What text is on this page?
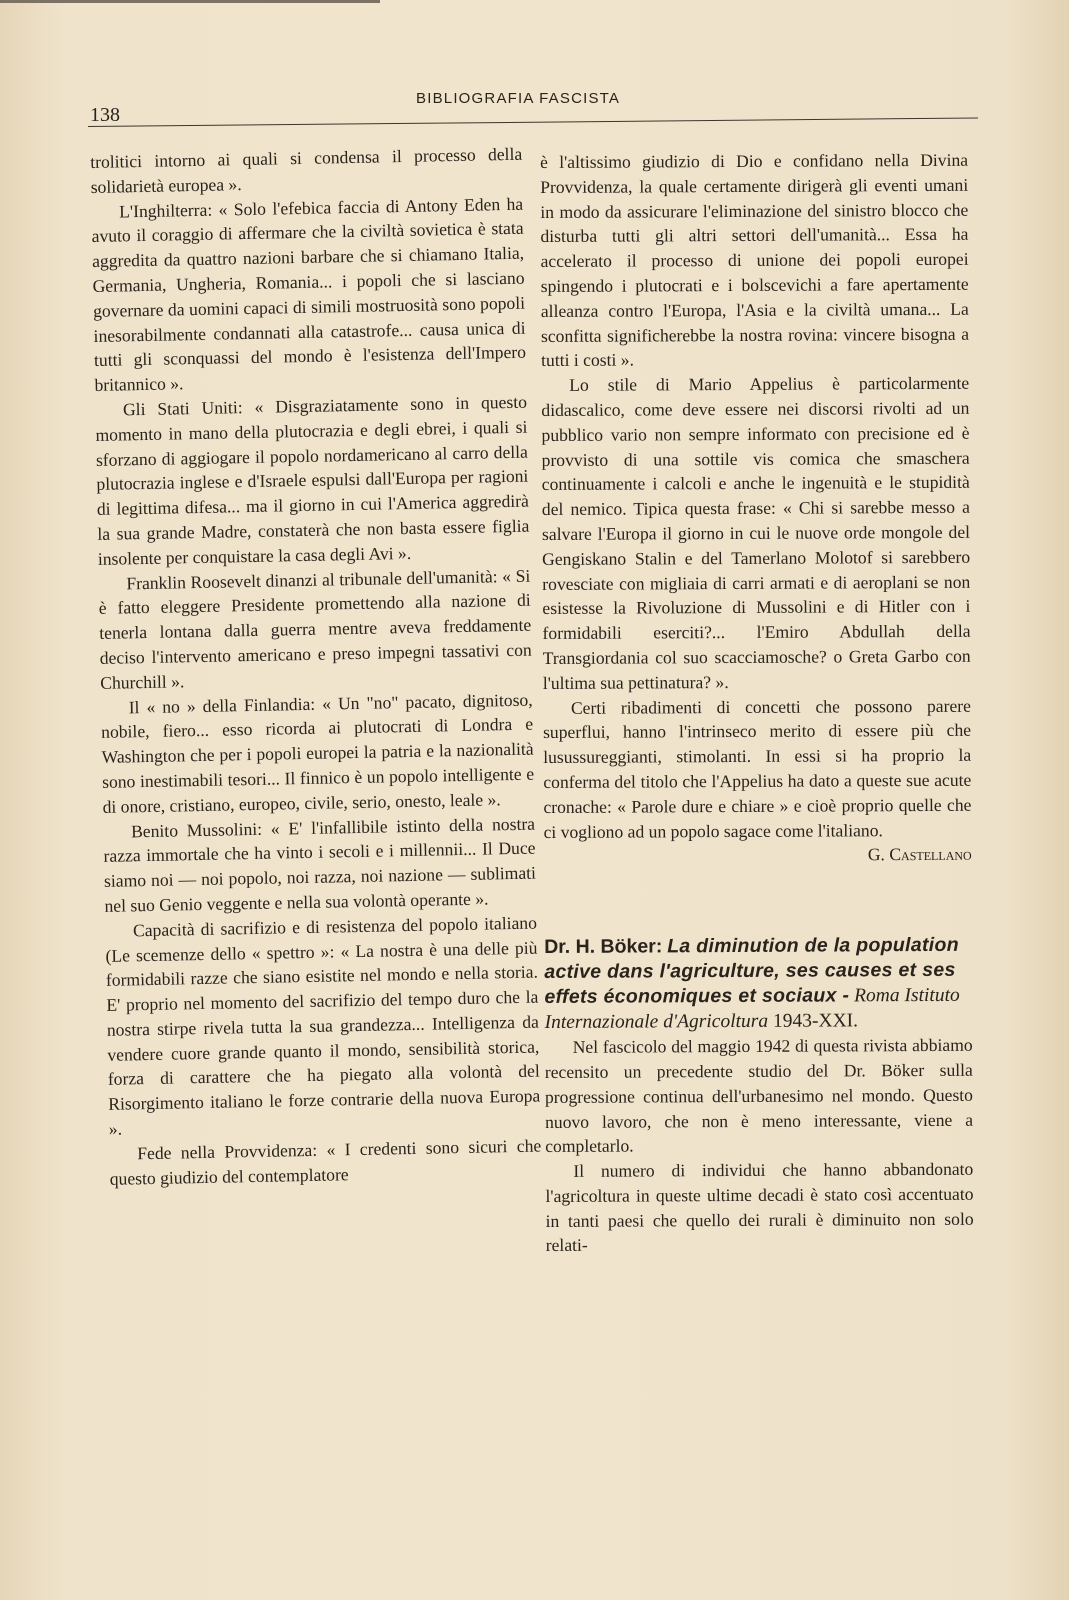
138
BIBLIOGRAFIA FASCISTA

trolitici intorno ai quali si condensa il processo della solidarietà europea ».

L'Inghilterra: « Solo l'efebica faccia di Antony Eden ha avuto il coraggio di affermare che la civiltà sovietica è stata aggredita da quattro nazioni barbare che si chiamano Italia, Germania, Ungheria, Romania... i popoli che si lasciano governare da uomini capaci di simili mostruosità sono popoli inesorabilmente condannati alla catastrofe... causa unica di tutti gli sconquassi del mondo è l'esistenza dell'Impero britannico ».

Gli Stati Uniti: « Disgraziatamente sono in questo momento in mano della plutocrazia e degli ebrei, i quali si sforzano di aggiogare il popolo nordamericano al carro della plutocrazia inglese e d'Israele espulsi dall'Europa per ragioni di legittima difesa... ma il giorno in cui l'America aggredirà la sua grande Madre, constaterà che non basta essere figlia insolente per conquistare la casa degli Avi ».

Franklin Roosevelt dinanzi al tribunale dell'umanità: « Si è fatto eleggere Presidente promettendo alla nazione di tenerla lontana dalla guerra mentre aveva freddamente deciso l'intervento americano e preso impegni tassativi con Churchill ».

Il « no » della Finlandia: « Un "no" pacato, dignitoso, nobile, fiero... esso ricorda ai plutocrati di Londra e Washington che per i popoli europei la patria e la nazionalità sono inestimabili tesori... Il finnico è un popolo intelligente e di onore, cristiano, europeo, civile, serio, onesto, leale ».

Benito Mussolini: « E' l'infallibile istinto della nostra razza immortale che ha vinto i secoli e i millennii... Il Duce siamo noi — noi popolo, noi razza, noi nazione — sublimati nel suo Genio veggente e nella sua volontà operante ».

Capacità di sacrifizio e di resistenza del popolo italiano (Le scemenze dello « spettro »: « La nostra è una delle più formidabili razze che siano esistite nel mondo e nella storia. E' proprio nel momento del sacrifizio del tempo duro che la nostra stirpe rivela tutta la sua grandezza... Intelligenza da vendere cuore grande quanto il mondo, sensibilità storica, forza di carattere che ha piegato alla volontà del Risorgimento italiano le forze contrarie della nuova Europa ».

Fede nella Provvidenza: « I credenti sono sicuri che questo giudizio del contemplatore

è l'altissimo giudizio di Dio e confidano nella Divina Provvidenza, la quale certamente dirigerà gli eventi umani in modo da assicurare l'eliminazione del sinistro blocco che disturba tutti gli altri settori dell'umanità... Essa ha accelerato il processo di unione dei popoli europei spingendo i plutocrati e i bolscevichi a fare apertamente alleanza contro l'Europa, l'Asia e la civiltà umana... La sconfitta significherebbe la nostra rovina: vincere bisogna a tutti i costi ».

Lo stile di Mario Appelius è particolarmente didascalico, come deve essere nei discorsi rivolti ad un pubblico vario non sempre informato con precisione ed è provvisto di una sottile vis comica che smaschera continuamente i calcoli e anche le ingenuità e le stupidità del nemico. Tipica questa frase: « Chi si sarebbe messo a salvare l'Europa il giorno in cui le nuove orde mongole del Gengiskano Stalin e del Tamerlano Molotof si sarebbero rovesciate con migliaia di carri armati e di aeroplani se non esistesse la Rivoluzione di Mussolini e di Hitler con i formidabili eserciti?... l'Emiro Abdullah della Transgiordania col suo scacciamosche? o Greta Garbo con l'ultima sua pettinatura? ».

Certi ribadimenti di concetti che possono parere superflui, hanno l'intrinseco merito di essere più che lusussureggianti, stimolanti. In essi si ha proprio la conferma del titolo che l'Appelius ha dato a queste sue acute cronache: « Parole dure e chiare » e cioè proprio quelle che ci vogliono ad un popolo sagace come l'italiano.

G. Castellano

Dr. H. Böker: La diminution de la population active dans l'agriculture, ses causes et ses effets économiques et sociaux - Roma Istituto Internazionale d'Agricoltura 1943-XXI.

Nel fascicolo del maggio 1942 di questa rivista abbiamo recensito un precedente studio del Dr. Böker sulla progressione continua dell'urbanesimo nel mondo. Questo nuovo lavoro, che non è meno interessante, viene a completarlo.

Il numero di individui che hanno abbandonato l'agricoltura in queste ultime decadi è stato così accentuato in tanti paesi che quello dei rurali è diminuito non solo relati-
